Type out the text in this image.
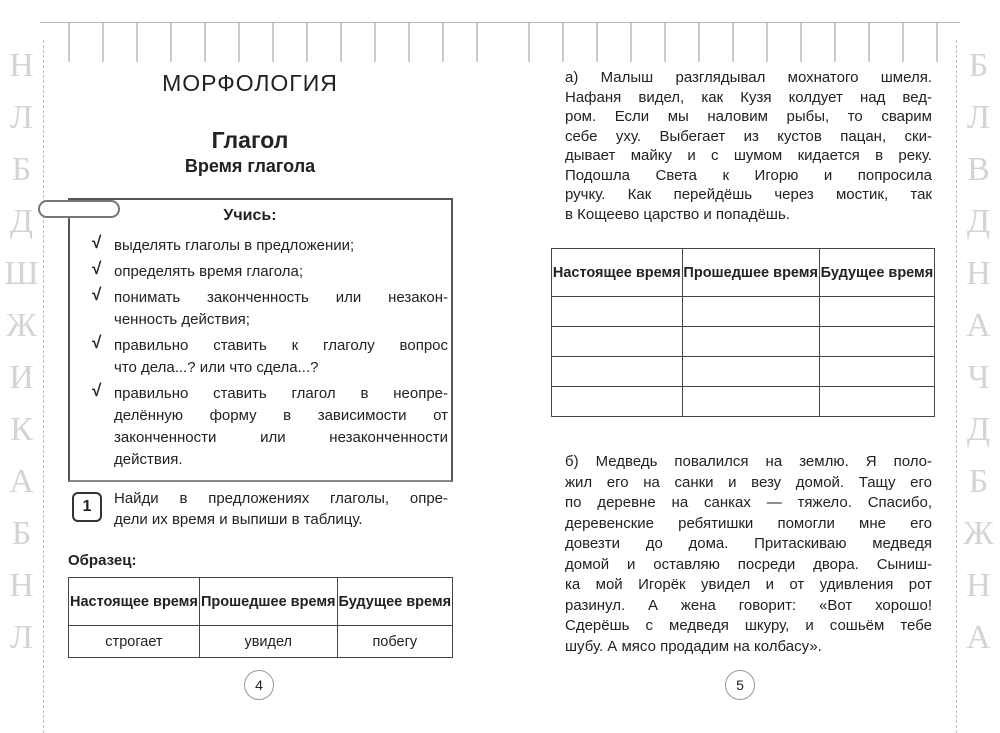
Н
Л
Б
Д
Ш
Ж
И
К
А
Б
Н
Л
МОРФОЛОГИЯ
Глагол
Время глагола
Учись:
√ выделять глаголы в предложении;
√ определять время глагола;
√ понимать законченность или незакон-
ченность действия;
√ правильно ставить к глаголу вопрос
что дела...? или что сдела...?
√ правильно ставить глагол в неопре-
делённую форму в зависимости от
законченности или незаконченности
действия.
1	Найди в предложениях глаголы, опре-
дели их время и выпиши в таблицу.
Образец:
Настоящее время	Прошедшее время	Будущее время
строгает	увидел	побегу
4
Б
Л
В
Д
Н
А
Ч
Д
Б
Ж
Н
А
а) Малыш разглядывал мохнатого шмеля.
Нафаня видел, как Кузя колдует над вед-
ром. Если мы наловим рыбы, то сварим
себе уху. Выбегает из кустов пацан, ски-
дывает майку и с шумом кидается в реку.
Подошла Света к Игорю и попросила
ручку. Как перейдёшь через мостик, так
в Кощеево царство и попадёшь.
Настоящее время	Прошедшее время	Будущее время

б) Медведь повалился на землю. Я поло-
жил его на санки и везу домой. Тащу его
по деревне на санках — тяжело. Спасибо,
деревенские ребятишки помогли мне его
довезти до дома. Притаскиваю медведя
домой и оставляю посреди двора. Сыниш-
ка мой Игорёк увидел и от удивления рот
разинул. А жена говорит: «Вот хорошо!
Сдерёшь с медведя шкуру, и сошьём тебе
шубу. А мясо продадим на колбасу».
5
